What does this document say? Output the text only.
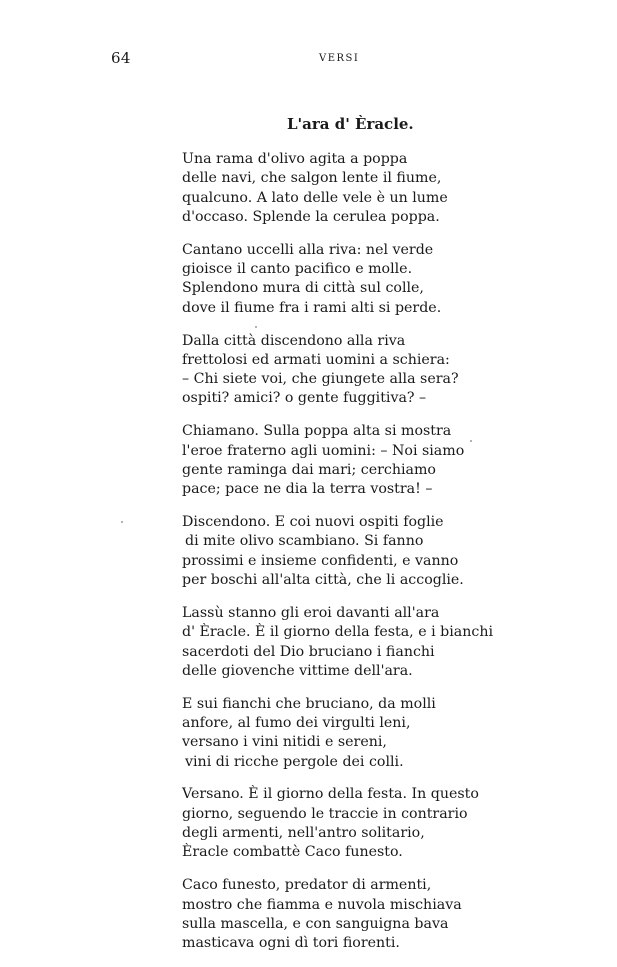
64	VERSI
L'ara d' Èracle.
Una rama d'olivo agita a poppa
delle navi, che salgon lente il fiume,
qualcuno. A lato delle vele è un lume
d'occaso. Splende la cerulea poppa.
Cantano uccelli alla riva: nel verde
gioisce il canto pacifico e molle.
Splendono mura di città sul colle,
dove il fiume fra i rami alti si perde.
Dalla città discendono alla riva
frettolosi ed armati uomini a schiera:
– Chi siete voi, che giungete alla sera?
ospiti? amici? o gente fuggitiva? –
Chiamano. Sulla poppa alta si mostra
l'eroe fraterno agli uomini: – Noi siamo
gente raminga dai mari; cerchiamo
pace; pace ne dia la terra vostra! –
Discendono. E coi nuovi ospiti foglie
di mite olivo scambiano. Si fanno
prossimi e insieme confidenti, e vanno
per boschi all'alta città, che li accoglie.
Lassù stanno gli eroi davanti all'ara
d' Èracle. È il giorno della festa, e i bianchi
sacerdoti del Dio bruciano i fianchi
delle giovenche vittime dell'ara.
E sui fianchi che bruciano, da molli
anfore, al fumo dei virgulti leni,
versano i vini nitidi e sereni,
vini di ricche pergole dei colli.
Versano. È il giorno della festa. In questo
giorno, seguendo le traccie in contrario
degli armenti, nell'antro solitario,
Èracle combattè Caco funesto.
Caco funesto, predator di armenti,
mostro che fiamma e nuvola mischiava
sulla mascella, e con sanguigna bava
masticava ogni dì tori fiorenti.
